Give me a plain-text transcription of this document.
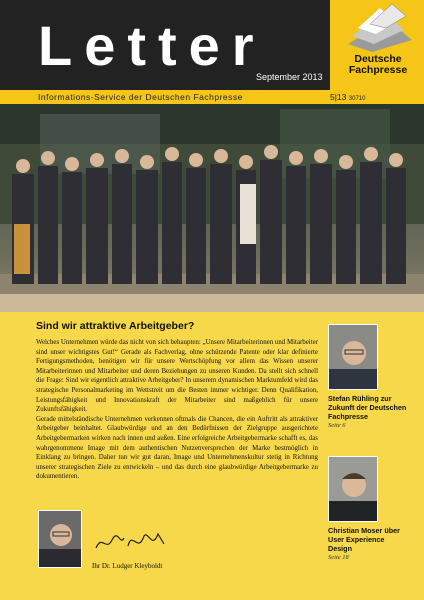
Letter
September 2013
Deutsche
Fachpresse
Informations-Service der Deutschen Fachpresse	5|13 30710
Sind wir attraktive Arbeitgeber?

Welches Unternehmen würde das nicht von sich behaupten: „Unsere Mitarbeiterinnen und Mitarbeiter sind unser wichtigstes Gut!“ Gerade als Fachverlag, ohne schützende Patente oder klar definierte Fertigungsmethoden, benötigen wir für unsere Wertschöpfung vor allem das Wissen unserer Mitarbeiterinnen und Mitarbeiter und deren Beziehungen zu unseren Kunden. Da stellt sich schnell die Frage: Sind wir eigentlich attraktive Arbeitgeber? In unserem dynamischen Marktumfeld wird das strategische Personalmarketing im Wettstreit um die Besten immer wichtiger. Denn Qualifikation, Leistungsfähigkeit und Innovationskraft der Mitarbeiter sind maßgeblich für unsere Zukunftsfähigkeit.

Gerade mittelständische Unternehmen verkennen oftmals die Chancen, die ein Auftritt als attraktiver Arbeitgeber beinhaltet. Glaubwürdige und an den Bedürfnissen der Zielgruppe ausgerichtete Arbeitgebermarken wirken nach innen und außen. Eine erfolgreiche Arbeitgebermarke schafft es, das wahrgenommene Image mit dem authentischen Nutzenversprechen der Marke bestmöglich in Einklang zu bringen. Daher tun wir gut daran, Image und Unternehmenskultur stetig in Richtung unserer strategischen Ziele zu entwickeln – und das durch eine glaubwürdige Arbeitgebermarke zu dokumentieren.

Ihr Dr. Ludger Kleyboldt
Stefan Rühling zur Zukunft der Deutschen Fachpresse
Seite 6
Christian Moser über User Experience Design
Seite 18
